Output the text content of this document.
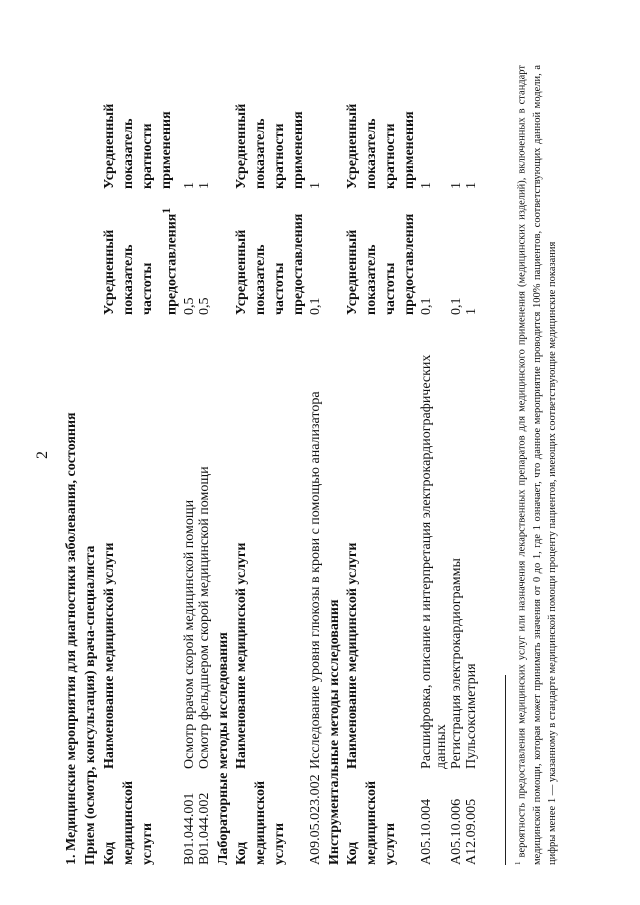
2 1. Медицинские мероприятия для диагностики заболевания, состояния Прием (осмотр, консультация) врача-специалиста Код медицинской услуги
Наименование медицинской услуги
Усредненный показатель частоты предоставления$^1$
Усредненный показатель кратности применения
B01.044.001
Осмотр врачом скорой медицинской помощи
0,5
1
B01.044.002
Осмотр фельдшером скорой медицинской помощи
0,5
1
Лабораторные методы исследования Код медицинской услуги
Наименование медицинской услуги
Усредненный показатель частоты предоставления
Усредненный показатель кратности применения
A09.05.023.002
Исследование уровня глюкозы в крови с помощью анализатора
0,1
1
Инструментальные методы исследования Код медицинской услуги
Наименование медицинской услуги
Усредненный показатель частоты предоставления
Усредненный показатель кратности применения
A05.10.004
Расшифровка, описание и интерпретация электрокардиографических данных
0,1
1
A05.10.006
Регистрация электрокардиограммы
0,1
1
A12.09.005
Пульсоксиметрия
1
1
$^1$ вероятность предоставления медицинских услуг или назначения лекарственных препаратов для медицинского применения (медицинских изделий), включенных в стандарт медицинской помощи, которая может принимать значения от 0 до 1, где 1 означает, что данное мероприятие проводится 100% пациентов, соответствующих данной модели, а цифры менее 1 — указанному в стандарте медицинской помощи проценту пациентов, имеющих соответствующие медицинские показания
